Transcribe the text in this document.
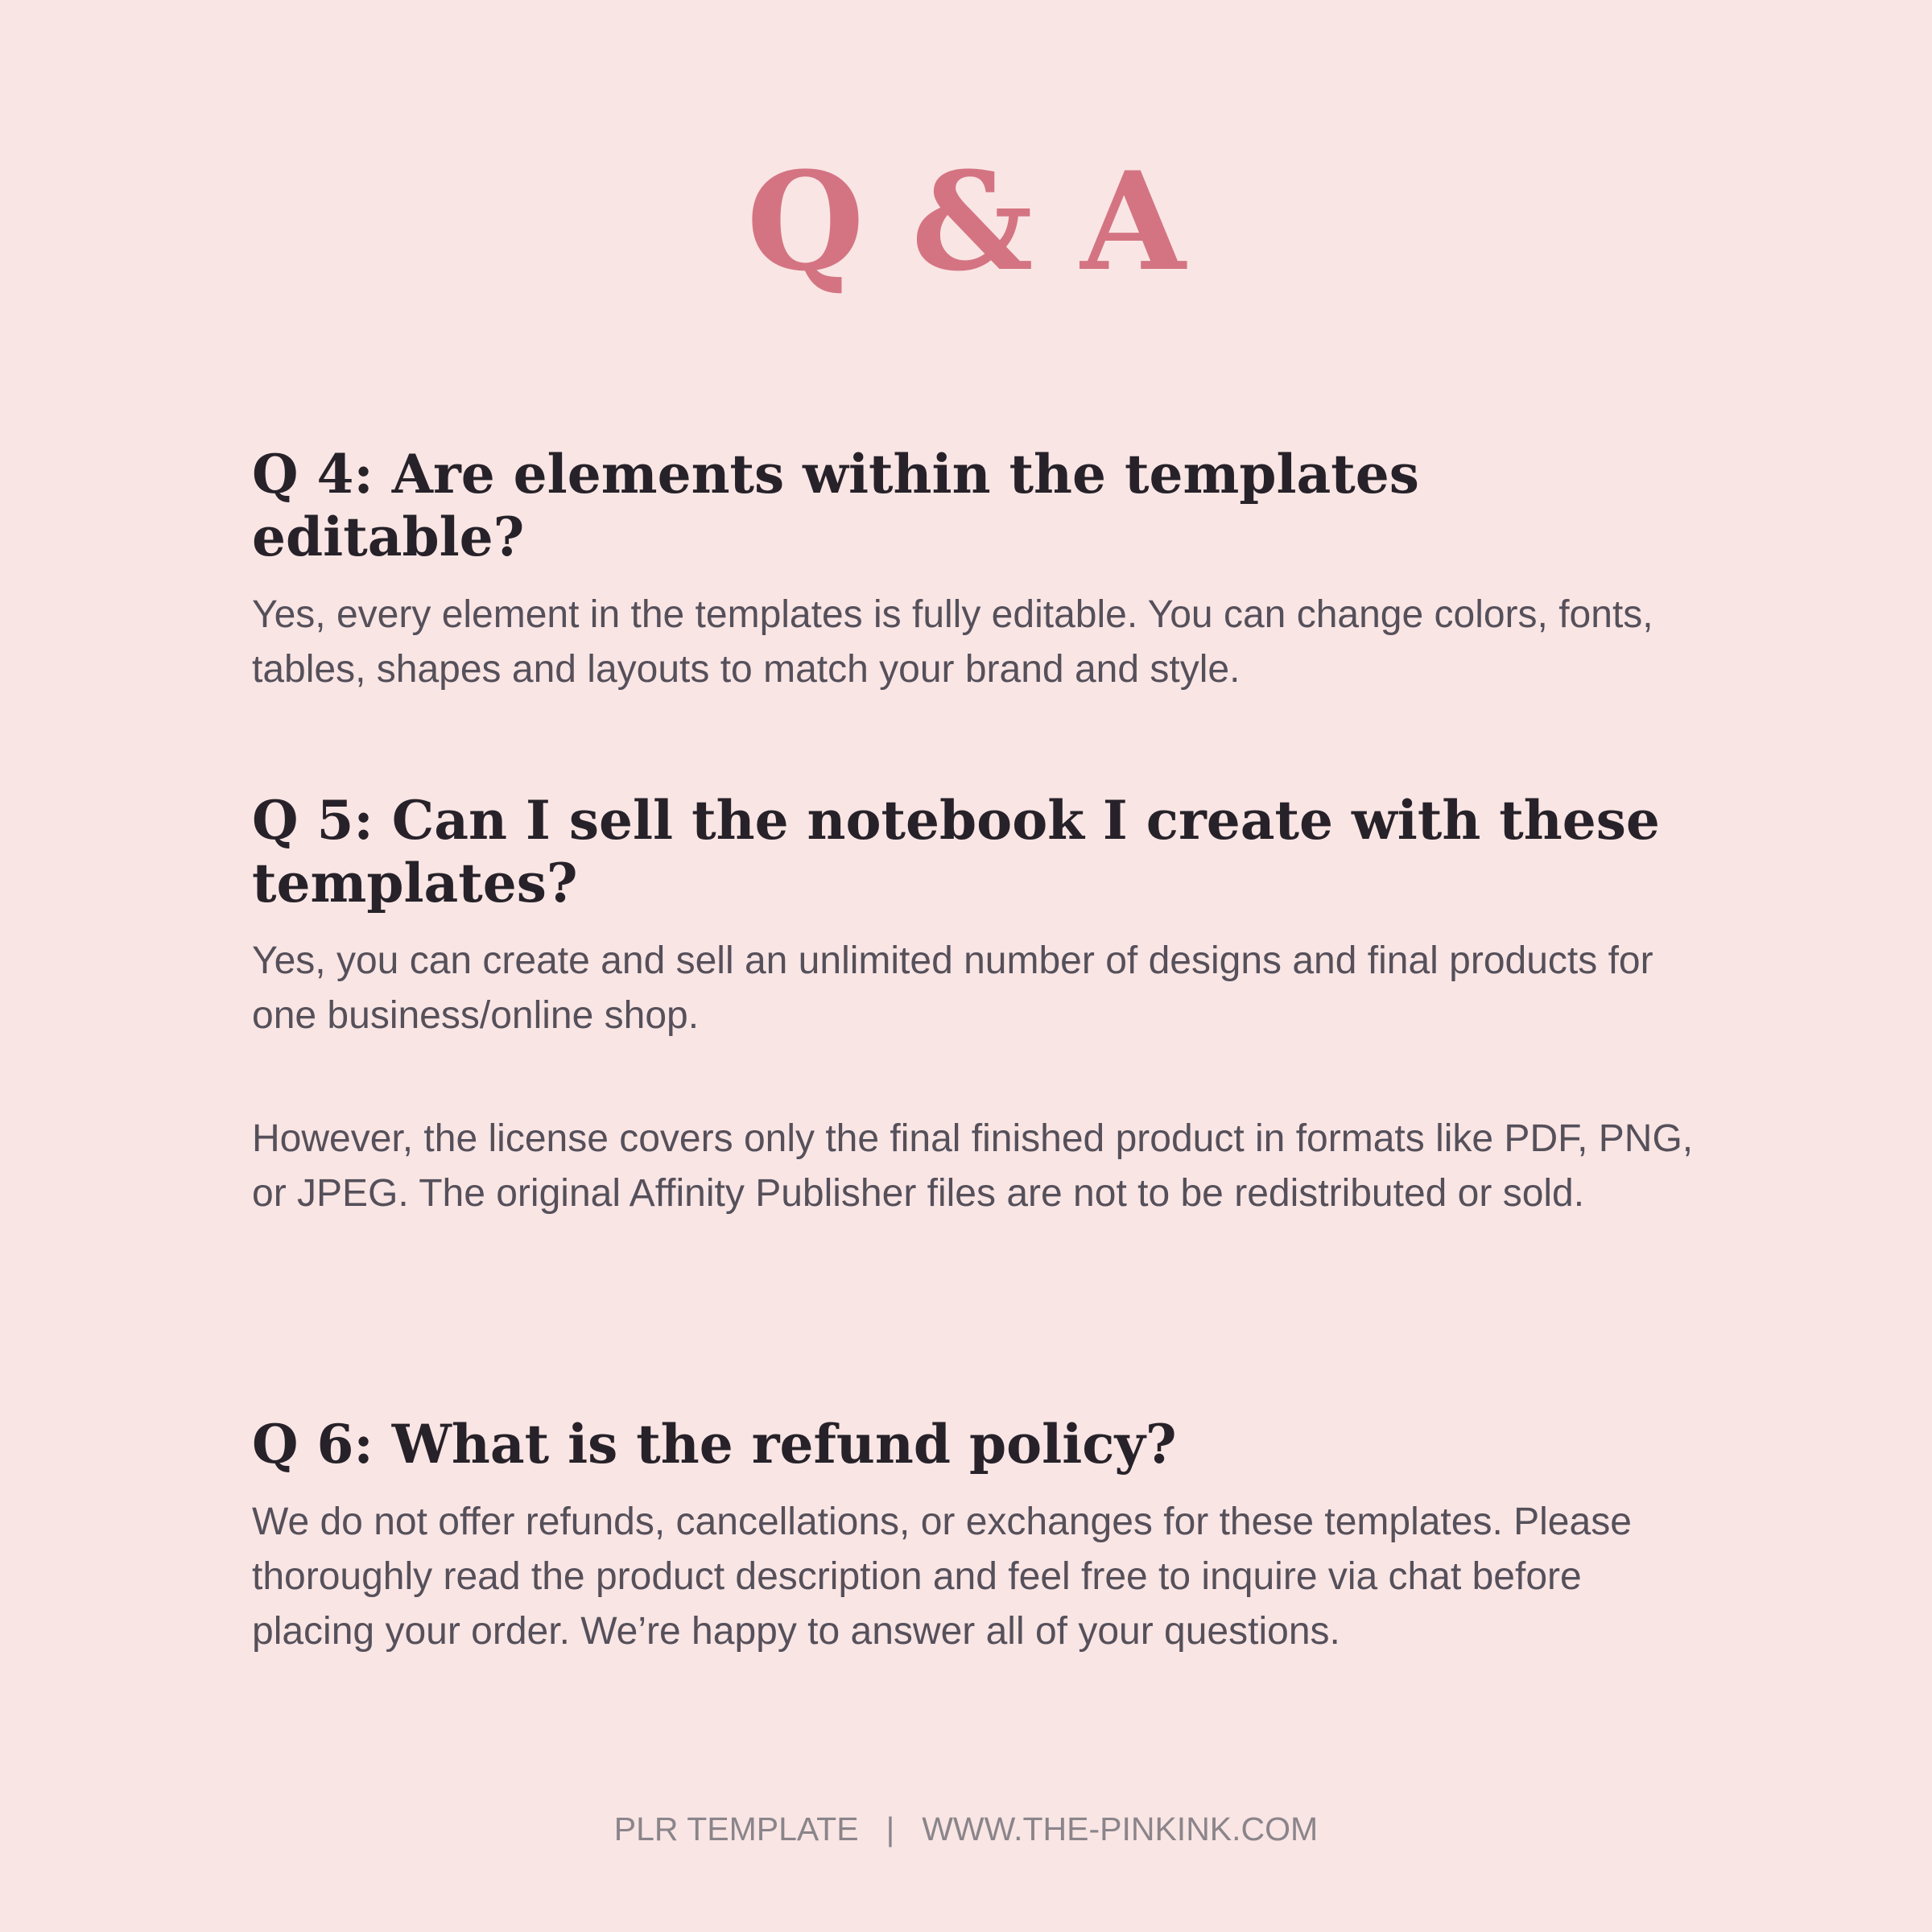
Q & A
Q 4: Are elements within the templates editable?

Yes, every element in the templates is fully editable. You can change colors, fonts, tables, shapes and layouts to match your brand and style.

Q 5: Can I sell the notebook I create with these templates?

Yes, you can create and sell an unlimited number of designs and final products for one business/online shop.

However, the license covers only the final finished product in formats like PDF, PNG, or JPEG. The original Affinity Publisher files are not to be redistributed or sold.

Q 6: What is the refund policy?

We do not offer refunds, cancellations, or exchanges for these templates. Please thoroughly read the product description and feel free to inquire via chat before placing your order. We’re happy to answer all of your questions.

PLR TEMPLATE | WWW.THE-PINKINK.COM
